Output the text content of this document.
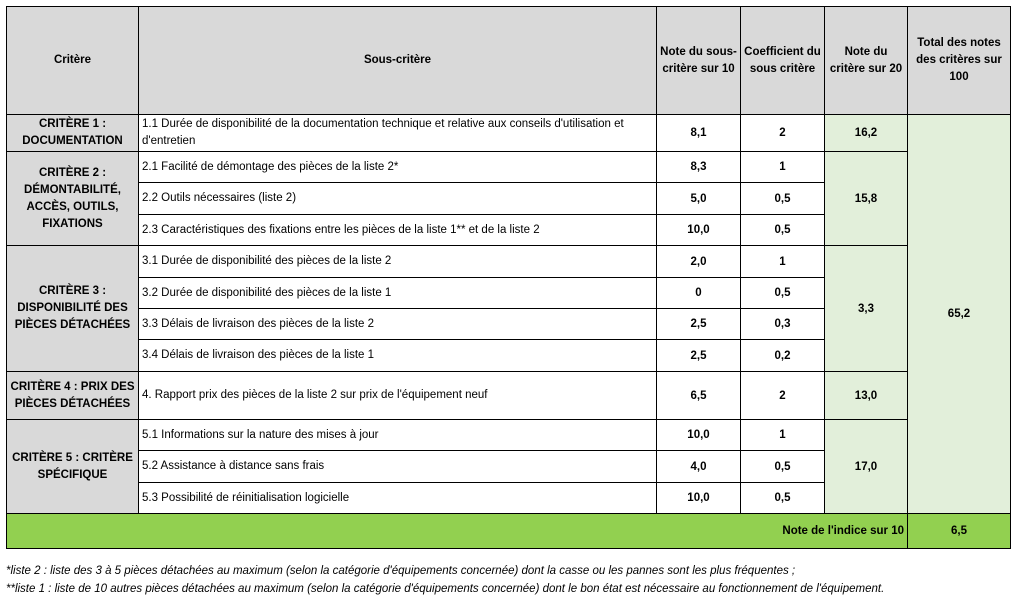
Critère	Sous-critère	Note du sous-critère sur 10	Coefficient du sous critère	Note du critère sur 20	Total des notes des critères sur 100
CRITÈRE 1 : DOCUMENTATION	1.1 Durée de disponibilité de la documentation technique et relative aux conseils d'utilisation et d'entretien	8,1	2	16,2	65,2
CRITÈRE 2 : DÉMONTABILITÉ, ACCÈS, OUTILS, FIXATIONS	2.1 Facilité de démontage des pièces de la liste 2*	8,3	1	15,8	
	2.2 Outils nécessaires (liste 2)	5,0	0,5		
	2.3 Caractéristiques des fixations entre les pièces de la liste 1** et de la liste 2	10,0	0,5		
CRITÈRE 3 : DISPONIBILITÉ DES PIÈCES DÉTACHÉES	3.1 Durée de disponibilité des pièces de la liste 2	2,0	1	3,3	
	3.2 Durée de disponibilité des pièces de la liste 1	0	0,5		
	3.3 Délais de livraison des pièces de la liste 2	2,5	0,3		
	3.4 Délais de livraison des pièces de la liste 1	2,5	0,2		
CRITÈRE 4 : PRIX DES PIÈCES DÉTACHÉES	4. Rapport prix des pièces de la liste 2 sur prix de l'équipement neuf	6,5	2	13,0	
CRITÈRE 5 : CRITÈRE SPÉCIFIQUE	5.1 Informations sur la nature des mises à jour	10,0	1	17,0	
	5.2 Assistance à distance sans frais	4,0	0,5		
	5.3 Possibilité de réinitialisation logicielle	10,0	0,5		
Note de l'indice sur 10					6,5
*liste 2 : liste des 3 à 5 pièces détachées au maximum (selon la catégorie d'équipements concernée) dont la casse ou les pannes sont les plus fréquentes ;
**liste 1 : liste de 10 autres pièces détachées au maximum (selon la catégorie d'équipements concernée) dont le bon état est nécessaire au fonctionnement de l'équipement.
